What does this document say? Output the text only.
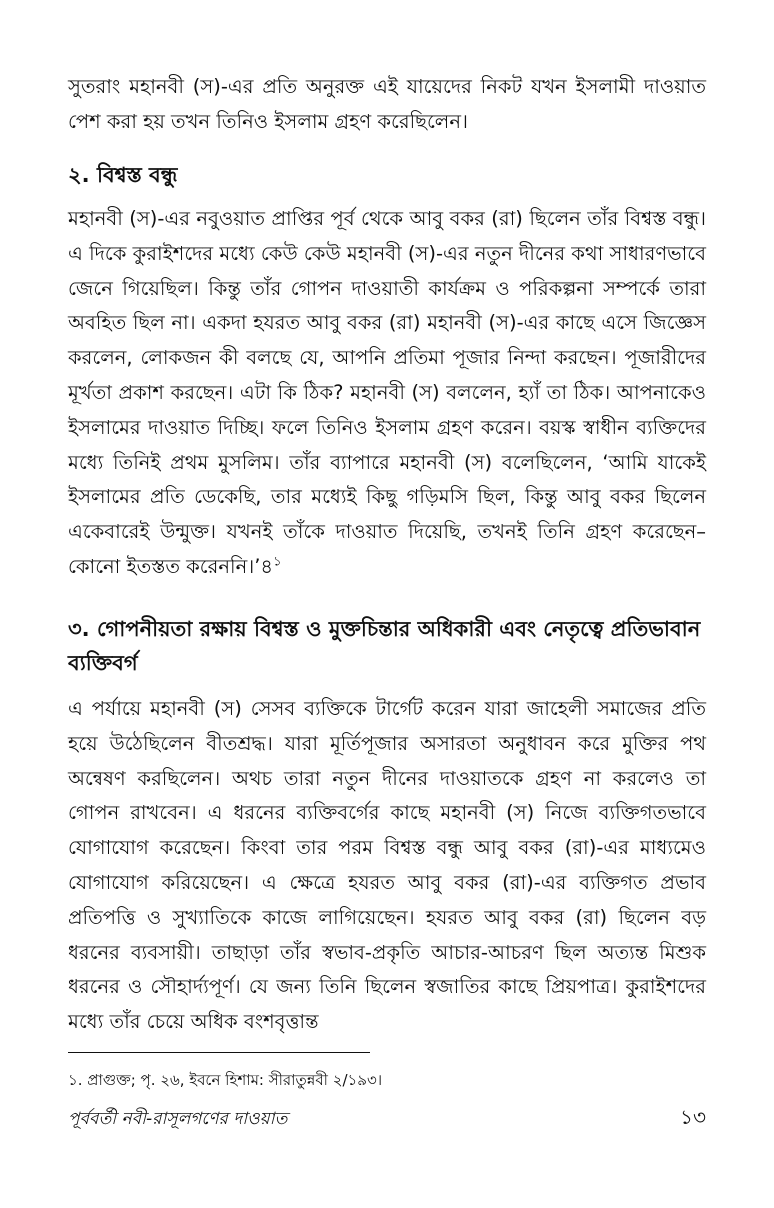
সুতরাং মহানবী (স)-এর প্রতি অনুরক্ত এই যায়েদের নিকট যখন ইসলামী দাওয়াত পেশ করা হয় তখন তিনিও ইসলাম গ্রহণ করেছিলেন।

২. বিশ্বস্ত বন্ধু

মহানবী (স)-এর নবুওয়াত প্রাপ্তির পূর্ব থেকে আবু বকর (রা) ছিলেন তাঁর বিশ্বস্ত বন্ধু। এ দিকে কুরাইশদের মধ্যে কেউ কেউ মহানবী (স)-এর নতুন দীনের কথা সাধারণভাবে জেনে গিয়েছিল। কিন্তু তাঁর গোপন দাওয়াতী কার্যক্রম ও পরিকল্পনা সম্পর্কে তারা অবহিত ছিল না। একদা হযরত আবু বকর (রা) মহানবী (স)-এর কাছে এসে জিজ্ঞেস করলেন, লোকজন কী বলছে যে, আপনি প্রতিমা পূজার নিন্দা করছেন। পূজারীদের মূর্খতা প্রকাশ করছেন। এটা কি ঠিক? মহানবী (স) বললেন, হ্যাঁ তা ঠিক। আপনাকেও ইসলামের দাওয়াত দিচ্ছি। ফলে তিনিও ইসলাম গ্রহণ করেন। বয়স্ক স্বাধীন ব্যক্তিদের মধ্যে তিনিই প্রথম মুসলিম। তাঁর ব্যাপারে মহানবী (স) বলেছিলেন, ‘আমি যাকেই ইসলামের প্রতি ডেকেছি, তার মধ্যেই কিছু গড়িমসি ছিল, কিন্তু আবু বকর ছিলেন একেবারেই উন্মুক্ত। যখনই তাঁকে দাওয়াত দিয়েছি, তখনই তিনি গ্রহণ করেছেন– কোনো ইতস্তত $করেননি।’৪^১$

৩. গোপনীয়তা রক্ষায় বিশ্বস্ত ও মুক্তচিন্তার অধিকারী এবং নেতৃত্বে প্রতিভাবান ব্যক্তিবর্গ

এ পর্যায়ে মহানবী (স) সেসব ব্যক্তিকে টার্গেট করেন যারা জাহেলী সমাজের প্রতি হয়ে উঠেছিলেন বীতশ্রদ্ধ। যারা মূর্তিপূজার অসারতা অনুধাবন করে মুক্তির পথ অন্বেষণ করছিলেন। অথচ তারা নতুন দীনের দাওয়াতকে গ্রহণ না করলেও তা গোপন রাখবেন। এ ধরনের ব্যক্তিবর্গের কাছে মহানবী (স) নিজে ব্যক্তিগতভাবে যোগাযোগ করেছেন। কিংবা তার পরম বিশ্বস্ত বন্ধু আবু বকর (রা)-এর মাধ্যমেও যোগাযোগ করিয়েছেন। এ ক্ষেত্রে হযরত আবু বকর (রা)-এর ব্যক্তিগত প্রভাব প্রতিপত্তি ও সুখ্যাতিকে কাজে লাগিয়েছেন। হযরত আবু বকর (রা) ছিলেন বড় ধরনের ব্যবসায়ী। তাছাড়া তাঁর স্বভাব-প্রকৃতি আচার-আচরণ ছিল অত্যন্ত মিশুক ধরনের ও সৌহার্দ্যপূর্ণ। যে জন্য তিনি ছিলেন স্বজাতির কাছে প্রিয়পাত্র। কুরাইশদের মধ্যে তাঁর চেয়ে অধিক বংশবৃত্তান্ত

১. প্রাগুক্ত; পৃ. ২৬, ইবনে হিশাম: সীরাতুন্নবী ২/১৯৩।

পূর্ববর্তী নবী-রাসূলগণের দাওয়াত	১৩
